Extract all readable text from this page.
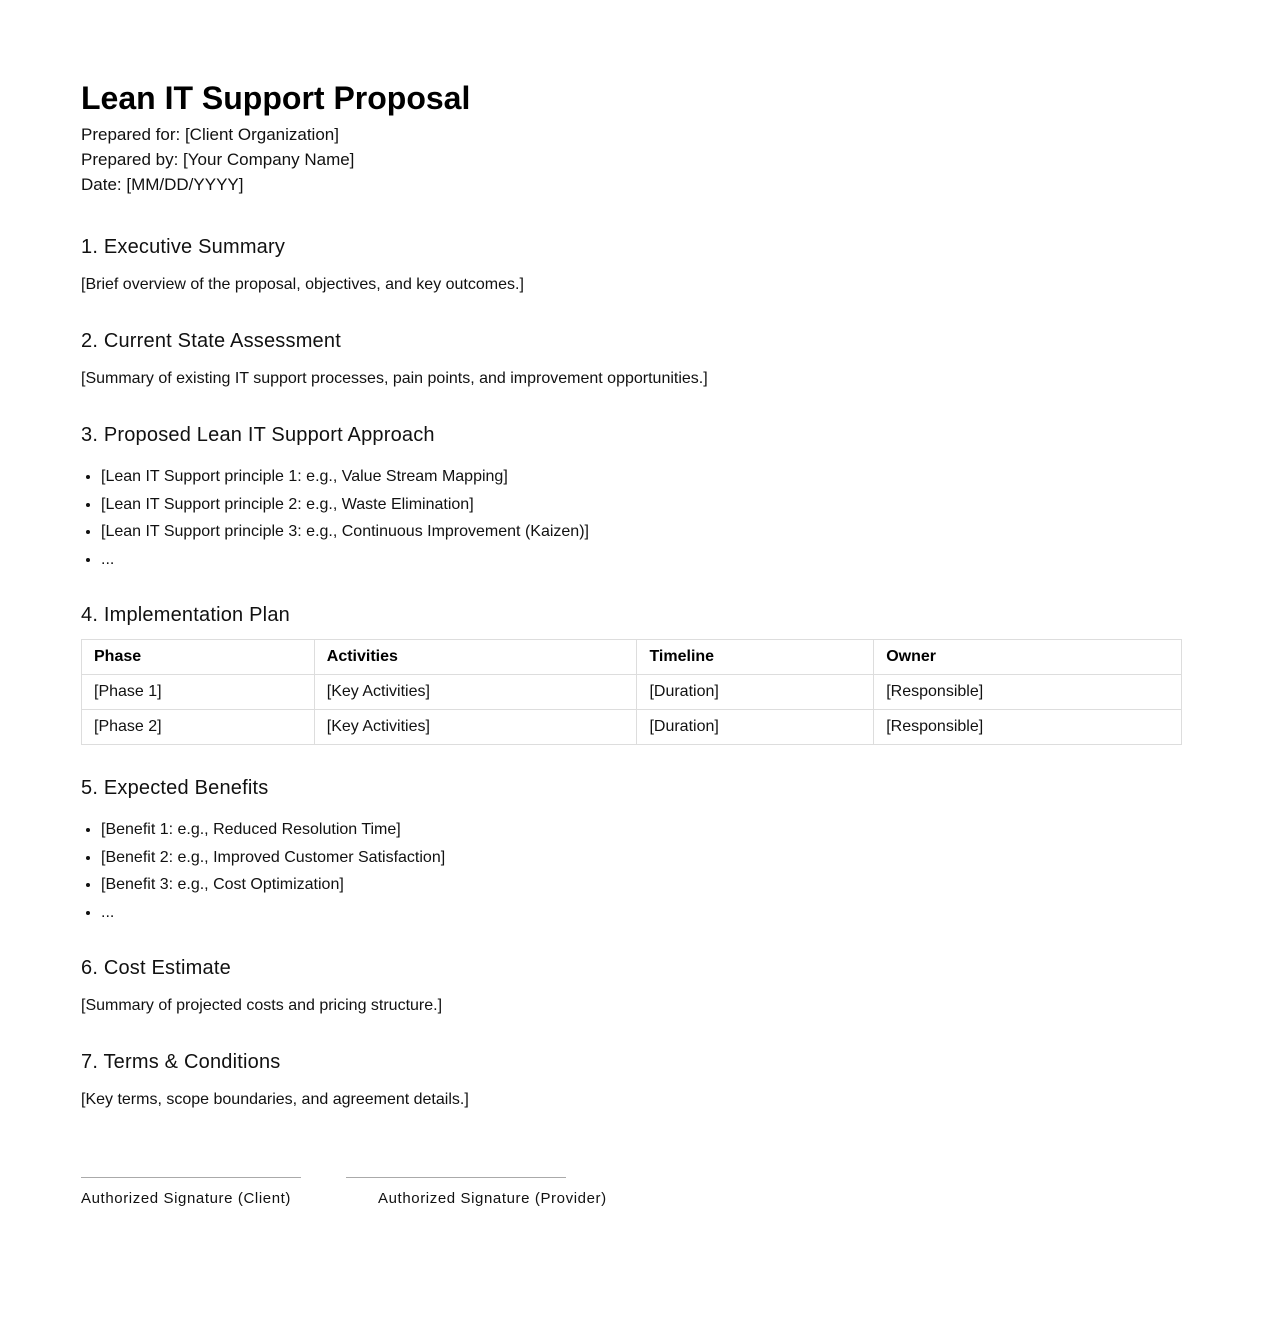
Lean IT Support Proposal
Prepared for: [Client Organization]
Prepared by: [Your Company Name]
Date: [MM/DD/YYYY]
1. Executive Summary

[Brief overview of the proposal, objectives, and key outcomes.]

2. Current State Assessment

[Summary of existing IT support processes, pain points, and improvement opportunities.]

3. Proposed Lean IT Support Approach
• [Lean IT Support principle 1: e.g., Value Stream Mapping]
• [Lean IT Support principle 2: e.g., Waste Elimination]
• [Lean IT Support principle 3: e.g., Continuous Improvement (Kaizen)]
• ...
4. Implementation Plan
Phase	Activities	Timeline	Owner
[Phase 1]	[Key Activities]	[Duration]	[Responsible]
[Phase 2]	[Key Activities]	[Duration]	[Responsible]
5. Expected Benefits
• [Benefit 1: e.g., Reduced Resolution Time]
• [Benefit 2: e.g., Improved Customer Satisfaction]
• [Benefit 3: e.g., Cost Optimization]
• ...
6. Cost Estimate

[Summary of projected costs and pricing structure.]

7. Terms & Conditions

[Key terms, scope boundaries, and agreement details.]

Authorized Signature (Client)	Authorized Signature (Provider)
